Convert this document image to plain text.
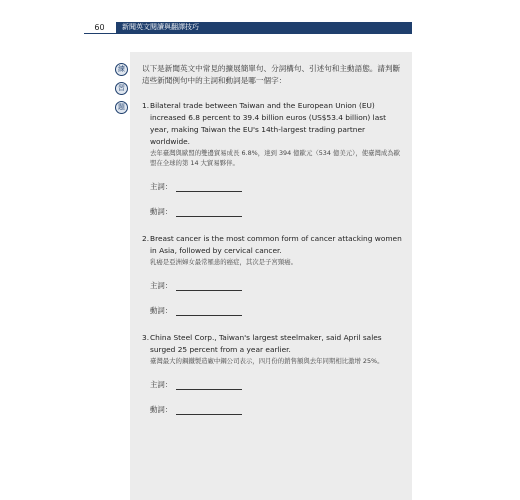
60	新聞英文閱讀與翻譯技巧
練
習
題
以下是新聞英文中常見的擴展簡單句、分詞構句、引述句和主動語態。請判斷這些新聞例句中的主詞和動詞是哪一個字：
1. Bilateral trade between Taiwan and the European Union (EU) increased 6.8 percent to 39.4 billion euros (US$53.4 billion) last year, making Taiwan the EU's 14th-largest trading partner worldwide.
去年臺灣與歐盟的雙邊貿易成長 6.8%，達到 394 億歐元（534 億美元），使臺灣成為歐盟在全球的第 14 大貿易夥伴。
主詞：
動詞：
2. Breast cancer is the most common form of cancer attacking women in Asia, followed by cervical cancer.
乳癌是亞洲婦女最常罹患的癌症，其次是子宮頸癌。
主詞：
動詞：
3. China Steel Corp., Taiwan's largest steelmaker, said April sales surged 25 percent from a year earlier.
臺灣最大的鋼鐵製造廠中鋼公司表示，四月份的銷售額與去年同期相比激增 25%。
主詞：
動詞：
